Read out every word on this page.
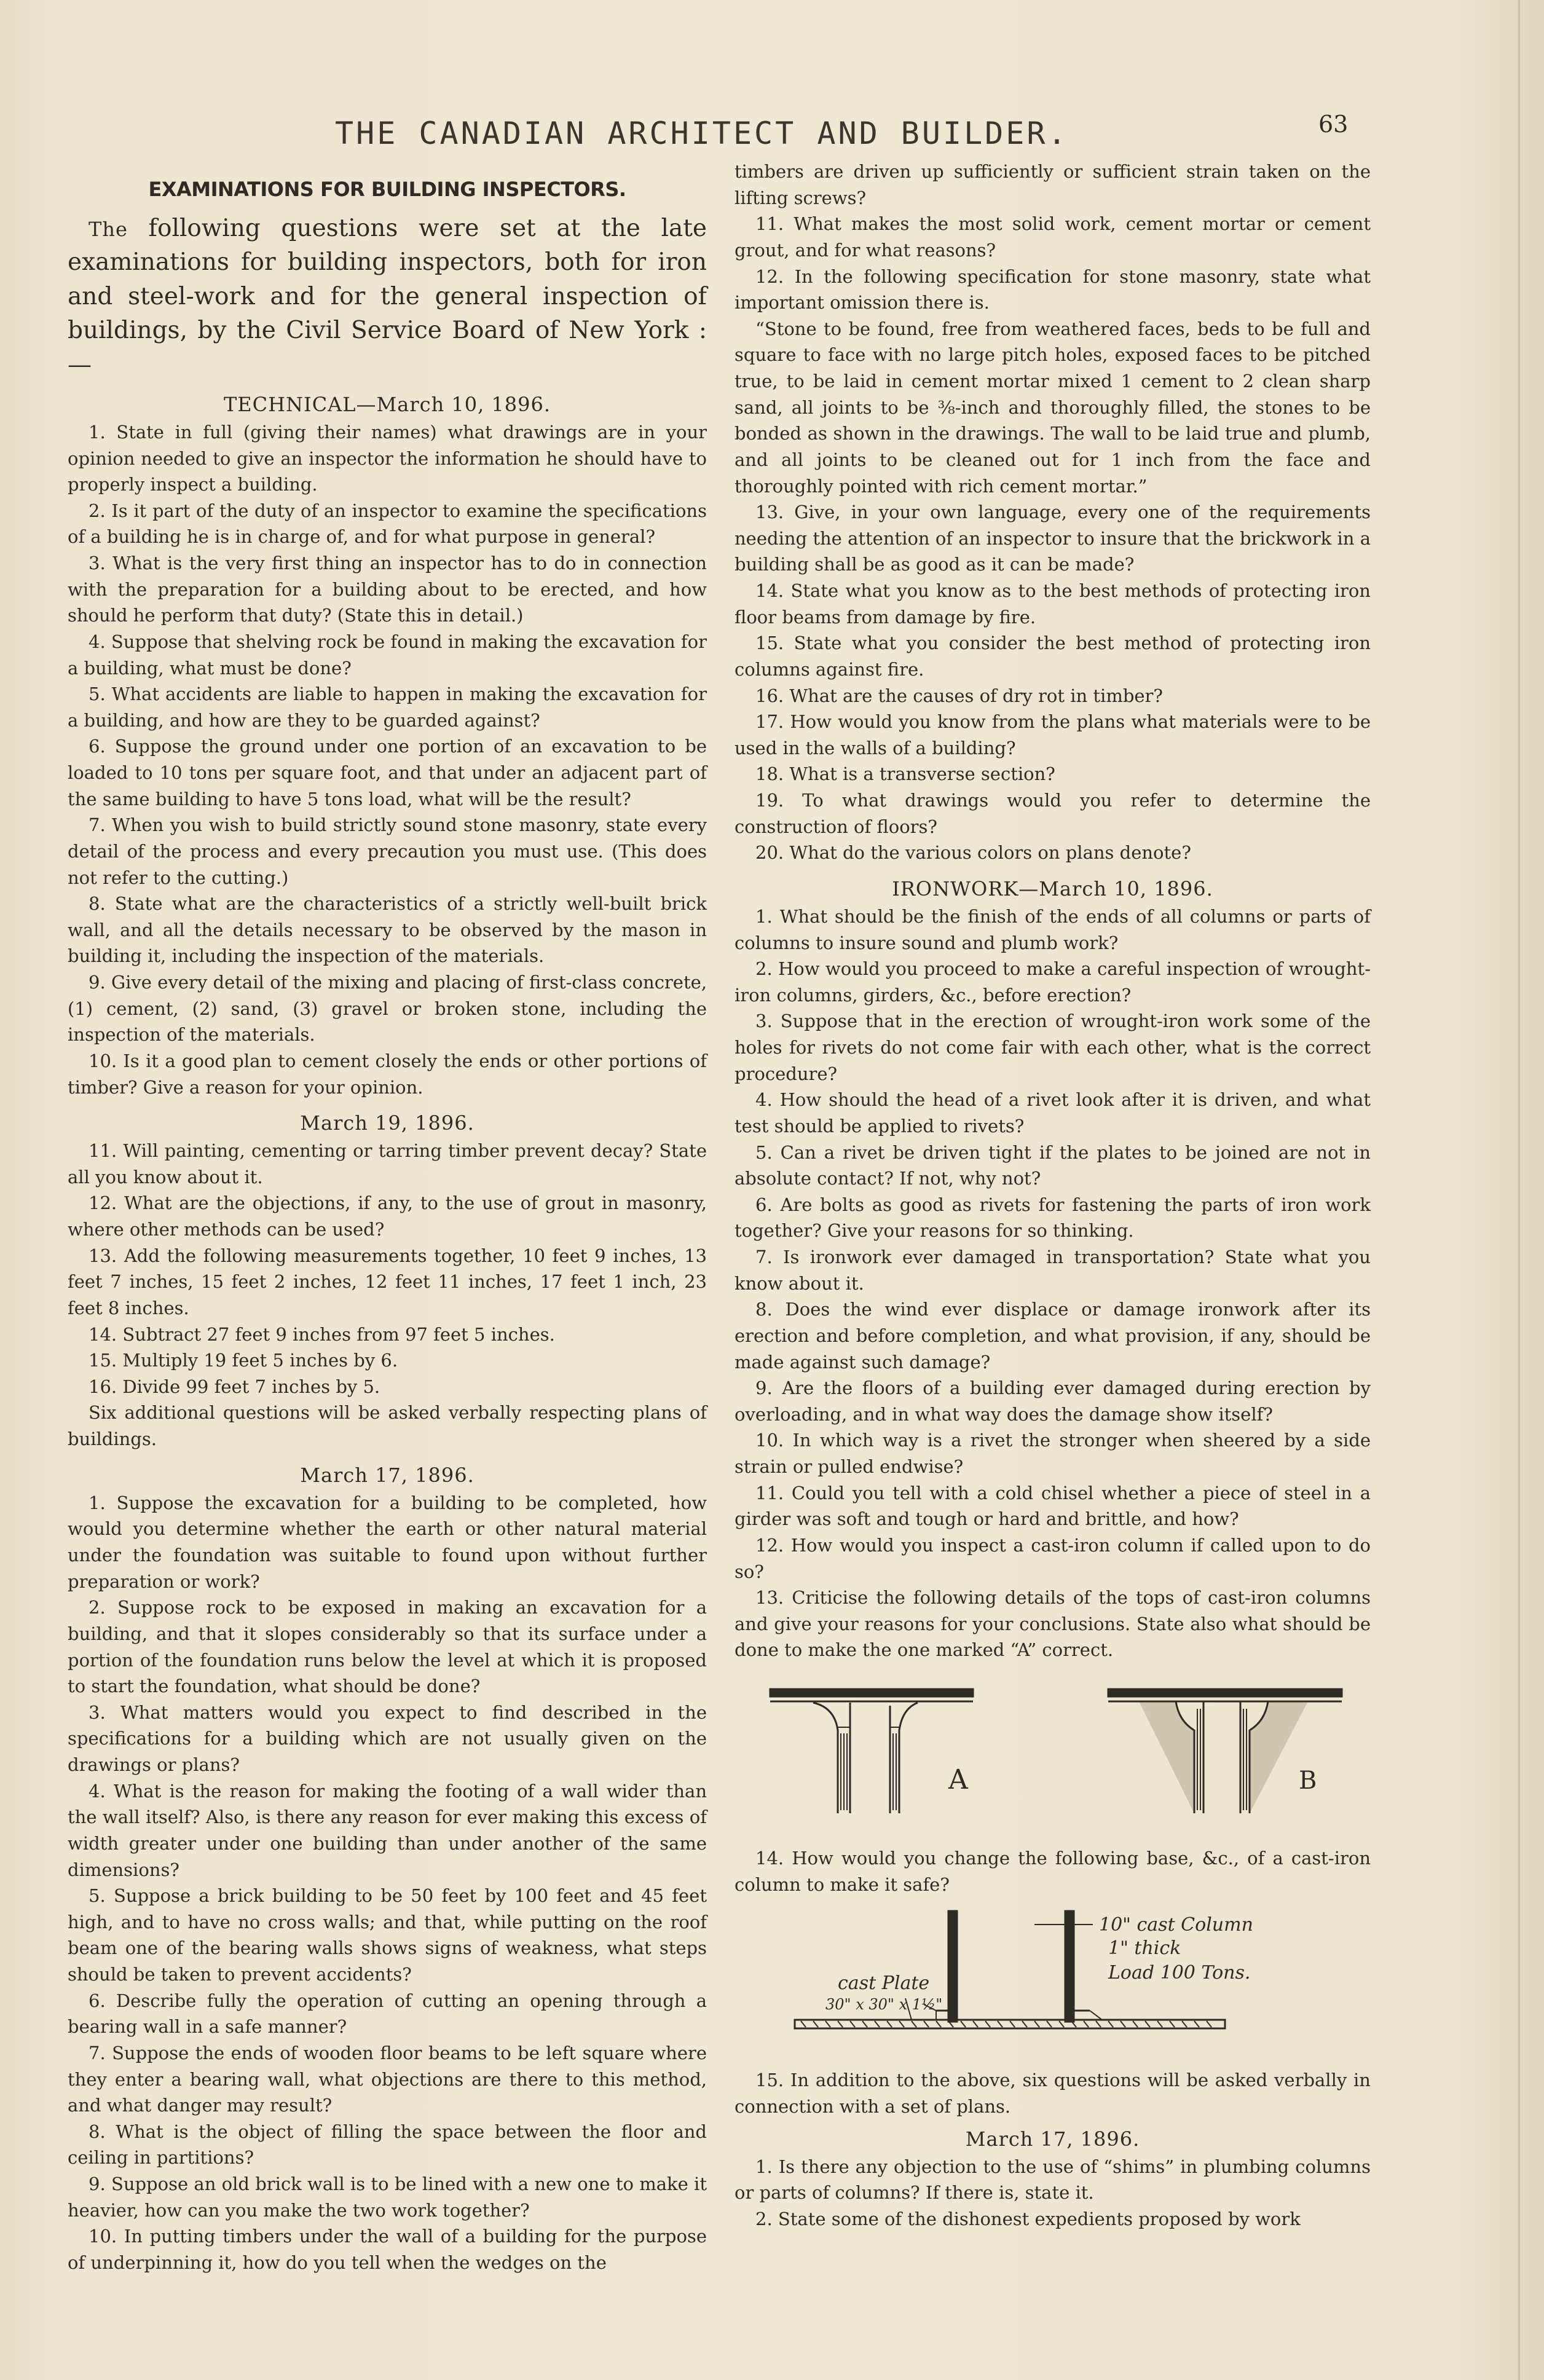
THE CANADIAN ARCHITECT AND BUILDER.	63

EXAMINATIONS FOR BUILDING INSPECTORS.

The following questions were set at the late examinations for building inspectors, both for iron and steel-work and for the general inspection of buildings, by the Civil Service Board of New York :—

TECHNICAL—March 10, 1896.

1. State in full (giving their names) what drawings are in your opinion needed to give an inspector the information he should have to properly inspect a building.

2. Is it part of the duty of an inspector to examine the specifications of a building he is in charge of, and for what purpose in general?

3. What is the very first thing an inspector has to do in connection with the preparation for a building about to be erected, and how should he perform that duty? (State this in detail.)

4. Suppose that shelving rock be found in making the excavation for a building, what must be done?

5. What accidents are liable to happen in making the excavation for a building, and how are they to be guarded against?

6. Suppose the ground under one portion of an excavation to be loaded to 10 tons per square foot, and that under an adjacent part of the same building to have 5 tons load, what will be the result?

7. When you wish to build strictly sound stone masonry, state every detail of the process and every precaution you must use. (This does not refer to the cutting.)

8. State what are the characteristics of a strictly well-built brick wall, and all the details necessary to be observed by the mason in building it, including the inspection of the materials.

9. Give every detail of the mixing and placing of first-class concrete, (1) cement, (2) sand, (3) gravel or broken stone, including the inspection of the materials.

10. Is it a good plan to cement closely the ends or other portions of timber? Give a reason for your opinion.

March 19, 1896.

11. Will painting, cementing or tarring timber prevent decay? State all you know about it.

12. What are the objections, if any, to the use of grout in masonry, where other methods can be used?

13. Add the following measurements together, 10 feet 9 inches, 13 feet 7 inches, 15 feet 2 inches, 12 feet 11 inches, 17 feet 1 inch, 23 feet 8 inches.

14. Subtract 27 feet 9 inches from 97 feet 5 inches.

15. Multiply 19 feet 5 inches by 6.

16. Divide 99 feet 7 inches by 5.

Six additional questions will be asked verbally respecting plans of buildings.

March 17, 1896.

1. Suppose the excavation for a building to be completed, how would you determine whether the earth or other natural material under the foundation was suitable to found upon without further preparation or work?

2. Suppose rock to be exposed in making an excavation for a building, and that it slopes considerably so that its surface under a portion of the foundation runs below the level at which it is proposed to start the foundation, what should be done?

3. What matters would you expect to find described in the specifications for a building which are not usually given on the drawings or plans?

4. What is the reason for making the footing of a wall wider than the wall itself? Also, is there any reason for ever making this excess of width greater under one building than under another of the same dimensions?

5. Suppose a brick building to be 50 feet by 100 feet and 45 feet high, and to have no cross walls; and that, while putting on the roof beam one of the bearing walls shows signs of weakness, what steps should be taken to prevent accidents?

6. Describe fully the operation of cutting an opening through a bearing wall in a safe manner?

7. Suppose the ends of wooden floor beams to be left square where they enter a bearing wall, what objections are there to this method, and what danger may result?

8. What is the object of filling the space between the floor and ceiling in partitions?

9. Suppose an old brick wall is to be lined with a new one to make it heavier, how can you make the two work together?

10. In putting timbers under the wall of a building for the purpose of underpinning it, how do you tell when the wedges on the

timbers are driven up sufficiently or sufficient strain taken on the lifting screws?

11. What makes the most solid work, cement mortar or cement grout, and for what reasons?

12. In the following specification for stone masonry, state what important omission there is.

“Stone to be found, free from weathered faces, beds to be full and square to face with no large pitch holes, exposed faces to be pitched true, to be laid in cement mortar mixed 1 cement to 2 clean sharp sand, all joints to be ⅜-inch and thoroughly filled, the stones to be bonded as shown in the drawings. The wall to be laid true and plumb, and all joints to be cleaned out for 1 inch from the face and thoroughly pointed with rich cement mortar.”

13. Give, in your own language, every one of the requirements needing the attention of an inspector to insure that the brickwork in a building shall be as good as it can be made?

14. State what you know as to the best methods of protecting iron floor beams from damage by fire.

15. State what you consider the best method of protecting iron columns against fire.

16. What are the causes of dry rot in timber?

17. How would you know from the plans what materials were to be used in the walls of a building?

18. What is a transverse section?

19. To what drawings would you refer to determine the construction of floors?

20. What do the various colors on plans denote?

IRONWORK—March 10, 1896.

1. What should be the finish of the ends of all columns or parts of columns to insure sound and plumb work?

2. How would you proceed to make a careful inspection of wrought-iron columns, girders, &c., before erection?

3. Suppose that in the erection of wrought-iron work some of the holes for rivets do not come fair with each other, what is the correct procedure?

4. How should the head of a rivet look after it is driven, and what test should be applied to rivets?

5. Can a rivet be driven tight if the plates to be joined are not in absolute contact? If not, why not?

6. Are bolts as good as rivets for fastening the parts of iron work together? Give your reasons for so thinking.

7. Is ironwork ever damaged in transportation? State what you know about it.

8. Does the wind ever displace or damage ironwork after its erection and before completion, and what provision, if any, should be made against such damage?

9. Are the floors of a building ever damaged during erection by overloading, and in what way does the damage show itself?

10. In which way is a rivet the stronger when sheered by a side strain or pulled endwise?

11. Could you tell with a cold chisel whether a piece of steel in a girder was soft and tough or hard and brittle, and how?

12. How would you inspect a cast-iron column if called upon to do so?

13. Criticise the following details of the tops of cast-iron columns and give your reasons for your conclusions. State also what should be done to make the one marked “A” correct.

A	B

14. How would you change the following base, &c., of a cast-iron column to make it safe?

10" cast Column
1" thick
Load 100 Tons.
cast Plate
30" x 30" x 1½"

15. In addition to the above, six questions will be asked verbally in connection with a set of plans.

March 17, 1896.

1. Is there any objection to the use of “shims” in plumbing columns or parts of columns? If there is, state it.

2. State some of the dishonest expedients proposed by work
